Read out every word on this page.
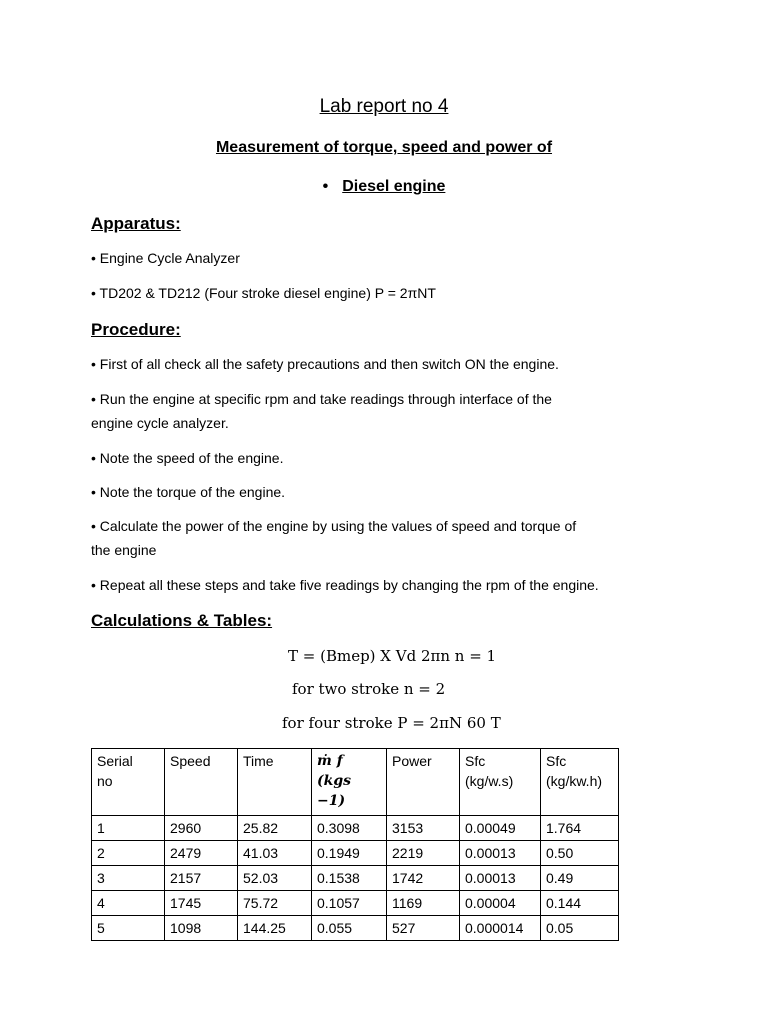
Lab report no 4
Measurement of torque, speed and power of
• Diesel engine
Apparatus:
• Engine Cycle Analyzer
• TD202 & TD212 (Four stroke diesel engine) P = 2πNT
Procedure:
• First of all check all the safety precautions and then switch ON the engine.
• Run the engine at specific rpm and take readings through interface of the
engine cycle analyzer.
• Note the speed of the engine.
• Note the torque of the engine.
• Calculate the power of the engine by using the values of speed and torque of
the engine
• Repeat all these steps and take five readings by changing the rpm of the engine.
Calculations & Tables:
T = (Bmep) X Vd 2πn n = 1
for two stroke n = 2
for four stroke P = 2πN 60 T
Serial
no	Speed	Time	ṁ f
(kgs
−1)	Power	Sfc
(kg/w.s)	Sfc
(kg/kw.h)
1	2960	25.82	0.3098	3153	0.00049	1.764
2	2479	41.03	0.1949	2219	0.00013	0.50
3	2157	52.03	0.1538	1742	0.00013	0.49
4	1745	75.72	0.1057	1169	0.00004	0.144
5	1098	144.25	0.055	527	0.000014	0.05
